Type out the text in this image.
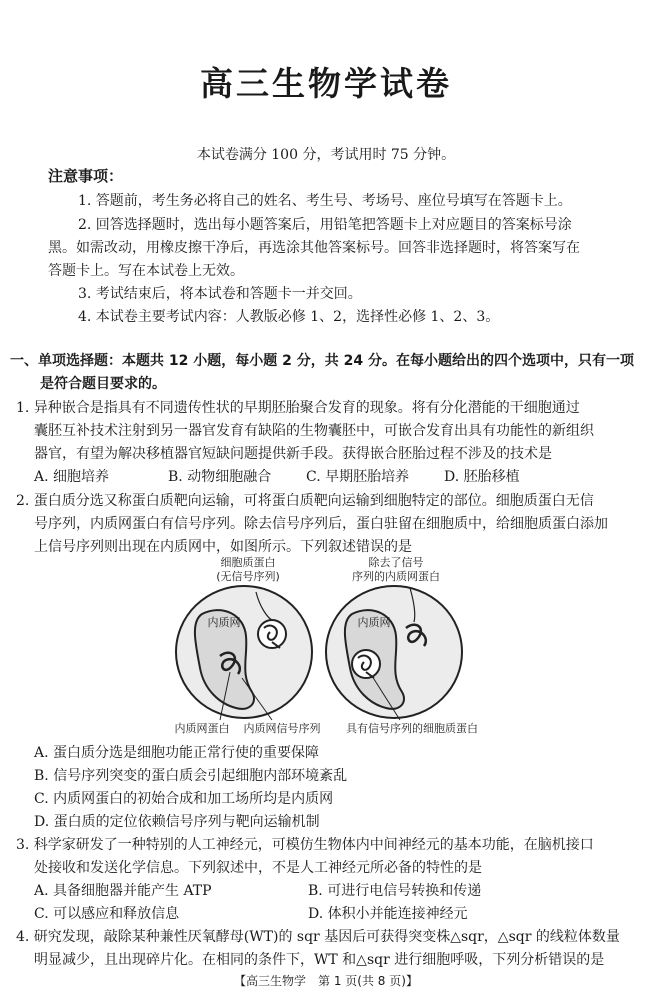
高三生物学试卷
本试卷满分 100 分，考试用时 75 分钟。
注意事项：
1. 答题前，考生务必将自己的姓名、考生号、考场号、座位号填写在答题卡上。
2. 回答选择题时，选出每小题答案后，用铅笔把答题卡上对应题目的答案标号涂
黑。如需改动，用橡皮擦干净后，再选涂其他答案标号。回答非选择题时，将答案写在
答题卡上。写在本试卷上无效。
3. 考试结束后，将本试卷和答题卡一并交回。
4. 本试卷主要考试内容：人教版必修 1、2，选择性必修 1、2、3。
一、单项选择题：本题共 12 小题，每小题 2 分，共 24 分。在每小题给出的四个选项中，只有一项
是符合题目要求的。
1. 异种嵌合是指具有不同遗传性状的早期胚胎聚合发育的现象。将有分化潜能的干细胞通过
囊胚互补技术注射到另一器官发育有缺陷的生物囊胚中，可嵌合发育出具有功能性的新组织
器官，有望为解决移植器官短缺问题提供新手段。获得嵌合胚胎过程不涉及的技术是
A. 细胞培养	B. 动物细胞融合 C. 早期胚胎培养 D. 胚胎移植
2. 蛋白质分选又称蛋白质靶向运输，可将蛋白质靶向运输到细胞特定的部位。细胞质蛋白无信
号序列，内质网蛋白有信号序列。除去信号序列后，蛋白驻留在细胞质中，给细胞质蛋白添加
上信号序列则出现在内质网中，如图所示。下列叙述错误的是
细胞质蛋白
(无信号序列)
除去了信号
序列的内质网蛋白
内质网	内质网
内质网蛋白 内质网信号序列 具有信号序列的细胞质蛋白
A. 蛋白质分选是细胞功能正常行使的重要保障
B. 信号序列突变的蛋白质会引起细胞内部环境紊乱
C. 内质网蛋白的初始合成和加工场所均是内质网
D. 蛋白质的定位依赖信号序列与靶向运输机制
3. 科学家研发了一种特别的人工神经元，可模仿生物体内中间神经元的基本功能，在脑机接口
处接收和发送化学信息。下列叙述中，不是人工神经元所必备的特性的是
A. 具备细胞器并能产生 ATP	B. 可进行电信号转换和传递
C. 可以感应和释放信息	D. 体积小并能连接神经元
4. 研究发现，敲除某种兼性厌氧酵母(WT)的 sqr 基因后可获得突变株△sqr，△sqr 的线粒体数量
明显减少，且出现碎片化。在相同的条件下，WT 和△sqr 进行细胞呼吸，下列分析错误的是
【高三生物学　第 1 页(共 8 页)】
